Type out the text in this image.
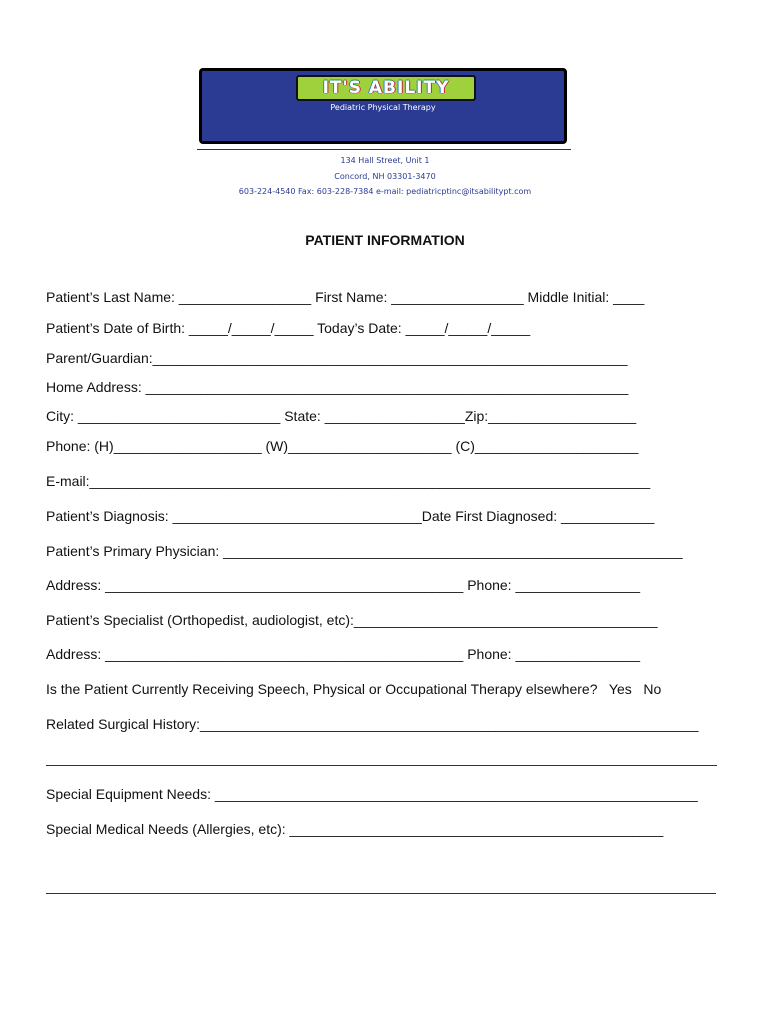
IT'S ABILITY
Pediatric Physical Therapy
134 Hall Street, Unit 1
Concord, NH 03301-3470
603-224-4540 Fax: 603-228-7384 e-mail: pediatricptinc@itsabilitypt.com
PATIENT INFORMATION
Patient’s Last Name: _________________ First Name: _________________ Middle Initial: ____
Patient’s Date of Birth: _____/_____/_____ Today’s Date: _____/_____/_____
Parent/Guardian:_____________________________________________________________
Home Address: ______________________________________________________________
City: __________________________ State: __________________Zip:___________________
Phone: (H)___________________ (W)_____________________ (C)_____________________
E-mail:________________________________________________________________________
Patient’s Diagnosis: ________________________________Date First Diagnosed: ____________
Patient’s Primary Physician: ___________________________________________________________
Address: ______________________________________________ Phone: ________________
Patient’s Specialist (Orthopedist, audiologist, etc):_______________________________________
Address: ______________________________________________ Phone: ________________
Is the Patient Currently Receiving Speech, Physical or Occupational Therapy elsewhere?   Yes   No
Related Surgical History:________________________________________________________________
Special Equipment Needs: ______________________________________________________________
Special Medical Needs (Allergies, etc): ________________________________________________
